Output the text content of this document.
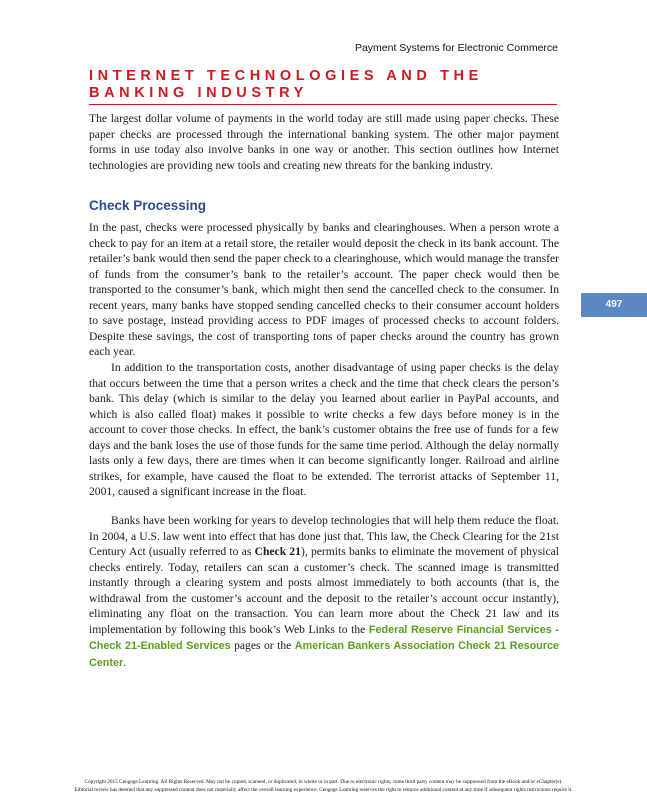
Payment Systems for Electronic Commerce
INTERNET TECHNOLOGIES AND THE BANKING INDUSTRY

The largest dollar volume of payments in the world today are still made using paper checks. These paper checks are processed through the international banking system. The other major payment forms in use today also involve banks in one way or another. This section outlines how Internet technologies are providing new tools and creating new threats for the banking industry.

Check Processing

In the past, checks were processed physically by banks and clearinghouses. When a person wrote a check to pay for an item at a retail store, the retailer would deposit the check in its bank account. The retailer’s bank would then send the paper check to a clearinghouse, which would manage the transfer of funds from the consumer’s bank to the retailer’s account. The paper check would then be transported to the consumer’s bank, which might then send the cancelled check to the consumer. In recent years, many banks have stopped sending cancelled checks to their consumer account holders to save postage, instead providing access to PDF images of processed checks to account folders. Despite these savings, the cost of transporting tons of paper checks around the country has grown each year.

497

In addition to the transportation costs, another disadvantage of using paper checks is the delay that occurs between the time that a person writes a check and the time that check clears the person’s bank. This delay (which is similar to the delay you learned about earlier in PayPal accounts, and which is also called float) makes it possible to write checks a few days before money is in the account to cover those checks. In effect, the bank’s customer obtains the free use of funds for a few days and the bank loses the use of those funds for the same time period. Although the delay normally lasts only a few days, there are times when it can become significantly longer. Railroad and airline strikes, for example, have caused the float to be extended. The terrorist attacks of September 11, 2001, caused a significant increase in the float.

Banks have been working for years to develop technologies that will help them reduce the float. In 2004, a U.S. law went into effect that has done just that. This law, the Check Clearing for the 21st Century Act (usually referred to as Check 21), permits banks to eliminate the movement of physical checks entirely. Today, retailers can scan a customer’s check. The scanned image is transmitted instantly through a clearing system and posts almost immediately to both accounts (that is, the withdrawal from the customer’s account and the deposit to the retailer’s account occur instantly), eliminating any float on the transaction. You can learn more about the Check 21 law and its implementation by following this book’s Web Links to the Federal Reserve Financial Services - Check 21-Enabled Services pages or the American Bankers Association Check 21 Resource Center.

Copyright 2015 Cengage Learning. All Rights Reserved. May not be copied, scanned, or duplicated, in whole or in part. Due to electronic rights, some third party content may be suppressed from the eBook and/or eChapter(s).
Editorial review has deemed that any suppressed content does not materially affect the overall learning experience. Cengage Learning reserves the right to remove additional content at any time if subsequent rights restrictions require it.
